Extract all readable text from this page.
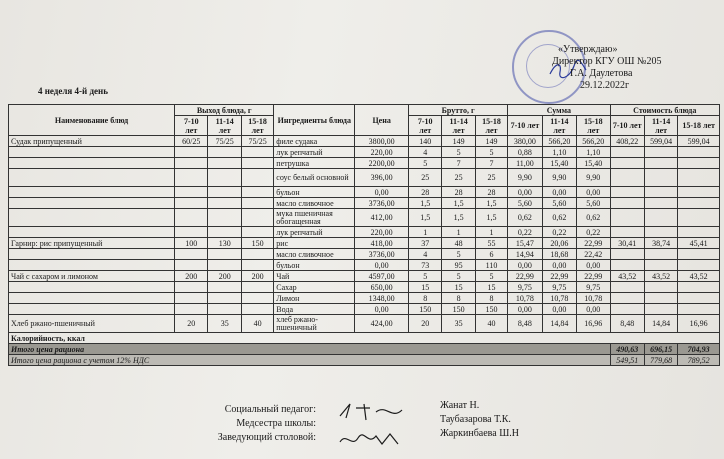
«Утверждаю»
Директор КГУ ОШ №205
Г.А. Даулетова
29.12.2022г
4 неделя 4-й день
Наименование блюд	Выход блюда, г			Ингредиенты блюда	Цена	Брутто, г			Сумма			Стоимость блюда		
	7-10 лет	11-14 лет	15-18 лет			7-10 лет	11-14 лет	15-18 лет	7-10 лет	11-14 лет	15-18 лет	7-10 лет	11-14 лет	15-18 лет
Судак припущенный	60/25	75/25	75/25	филе судака	3800,00	140	149	149	380,00	566,20	566,20	408,22	599,04	599,04
				лук репчатый	220,00	4	5	5	0,88	1,10	1,10			
				петрушка	2200,00	5	7	7	11,00	15,40	15,40			
				соус белый основной	396,00	25	25	25	9,90	9,90	9,90			
				бульон	0,00	28	28	28	0,00	0,00	0,00			
				масло сливочное	3736,00	1,5	1,5	1,5	5,60	5,60	5,60			
				мука пшеничная обогащенная	412,00	1,5	1,5	1,5	0,62	0,62	0,62			
				лук репчатый	220,00	1	1	1	0,22	0,22	0,22			
Гарнир: рис припущенный	100	130	150	рис	418,00	37	48	55	15,47	20,06	22,99	30,41	38,74	45,41
				масло сливочное	3736,00	4	5	6	14,94	18,68	22,42			
				бульон	0,00	73	95	110	0,00	0,00	0,00			
Чай с сахаром и лимоном	200	200	200	Чай	4597,00	5	5	5	22,99	22,99	22,99	43,52	43,52	43,52
				Сахар	650,00	15	15	15	9,75	9,75	9,75			
				Лимон	1348,00	8	8	8	10,78	10,78	10,78			
				Вода	0,00	150	150	150	0,00	0,00	0,00			
Хлеб ржано-пшеничный	20	35	40	хлеб ржано-пшеничный	424,00	20	35	40	8,48	14,84	16,96	8,48	14,84	16,96
Калорийность, ккал														
Итого цена рациона												490,63	696,15	704,93
Итого цена рациона с учетом 12% НДС												549,51	779,68	789,52
Социальный педагог:
Медсестра школы:
Заведующий столовой:
Жанат Н.
Таубазарова Т.К.
Жаркинбаева Ш.Н
